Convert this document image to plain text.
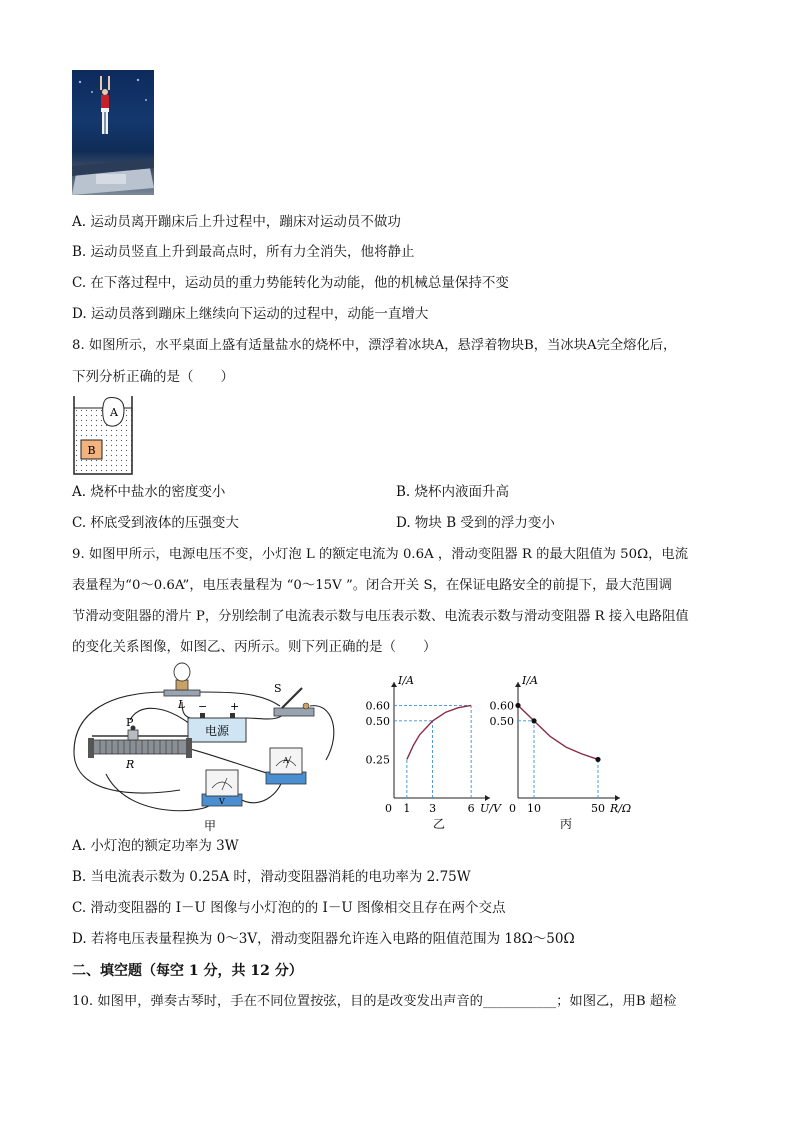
A. 运动员离开蹦床后上升过程中，蹦床对运动员不做功
B. 运动员竖直上升到最高点时，所有力全消失，他将静止
C. 在下落过程中，运动员的重力势能转化为动能，他的机械总量保持不变
D. 运动员落到蹦床上继续向下运动的过程中，动能一直增大
8. 如图所示，水平桌面上盛有适量盐水的烧杯中，漂浮着冰块A，悬浮着物块B，当冰块A完全熔化后，
下列分析正确的是（　　）
A
B
A. 烧杯中盐水的密度变小	B. 烧杯内液面升高
C. 杯底受到液体的压强变大	D. 物块 B 受到的浮力变小
9. 如图甲所示，电源电压不变，小灯泡 L 的额定电流为 0.6A ，滑动变阻器 R 的最大阻值为 50Ω，电流
表量程为“0～0.6A”，电压表量程为 “0～15V ”。闭合开关 S，在保证电路安全的前提下，最大范围调
节滑动变阻器的滑片 P，分别绘制了电流表示数与电压表示数、电流表示数与滑动变阻器 R 接入电路阻值
的变化关系图像，如图乙、丙所示。则下列正确的是（　　）
L − +
电源
S
P
R
V
A
甲
I/A
U/V
0
0.25
0.50
0.60
1 3	6
乙
I/A
R/Ω
0
0.50
0.60
10	50
丙
A. 小灯泡的额定功率为 3W
B. 当电流表示数为 0.25A 时，滑动变阻器消耗的电功率为 2.75W
C. 滑动变阻器的 I－U 图像与小灯泡的的 I－U 图像相交且存在两个交点
D. 若将电压表量程换为 0～3V，滑动变阻器允许连入电路的阻值范围为 18Ω～50Ω
二、填空题（每空 1 分，共 12 分）
10. 如图甲，弹奏古琴时，手在不同位置按弦，目的是改变发出声音的___________；如图乙，用B 超检
